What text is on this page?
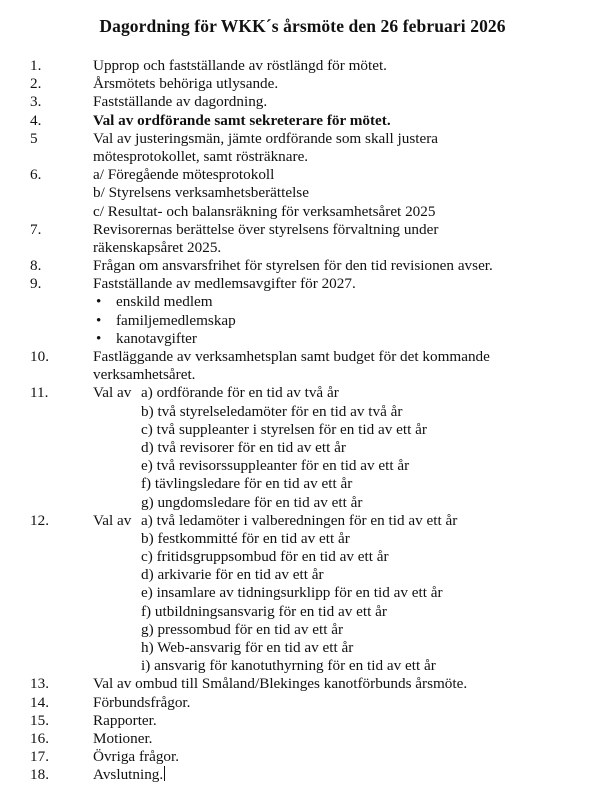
Dagordning för WKK´s årsmöte den 26 februari 2026
1.	Upprop och fastställande av röstlängd för mötet.
2.	Årsmötets behöriga utlysande.
3.	Fastställande av dagordning.
4.	Val av ordförande samt sekreterare för mötet.
5	Val av justeringsmän, jämte ordförande som skall justera
mötesprotokollet, samt rösträknare.
6.	a/ Föregående mötesprotokoll
b/ Styrelsens verksamhetsberättelse
c/ Resultat- och balansräkning för verksamhetsåret 2025
7.	Revisorernas berättelse över styrelsens förvaltning under
räkenskapsåret 2025.
8.	Frågan om ansvarsfrihet för styrelsen för den tid revisionen avser.
9.	Fastställande av medlemsavgifter för 2027.
• enskild medlem
• familjemedlemskap
• kanotavgifter
10.	Fastläggande av verksamhetsplan samt budget för det kommande
verksamhetsåret.
11.	Val av a) ordförande för en tid av två år
b) två styrelseledamöter för en tid av två år
c) två suppleanter i styrelsen för en tid av ett år
d) två revisorer för en tid av ett år
e) två revisorssuppleanter för en tid av ett år
f) tävlingsledare för en tid av ett år
g) ungdomsledare för en tid av ett år
12.	Val av a) två ledamöter i valberedningen för en tid av ett år
b) festkommitté för en tid av ett år
c) fritidsgruppsombud för en tid av ett år
d) arkivarie för en tid av ett år
e) insamlare av tidningsurklipp för en tid av ett år
f) utbildningsansvarig för en tid av ett år
g) pressombud för en tid av ett år
h) Web-ansvarig för en tid av ett år
i) ansvarig för kanotuthyrning för en tid av ett år
13.	Val av ombud till Småland/Blekinges kanotförbunds årsmöte.
14.	Förbundsfrågor.
15.	Rapporter.
16.	Motioner.
17.	Övriga frågor.
18.	Avslutning.
